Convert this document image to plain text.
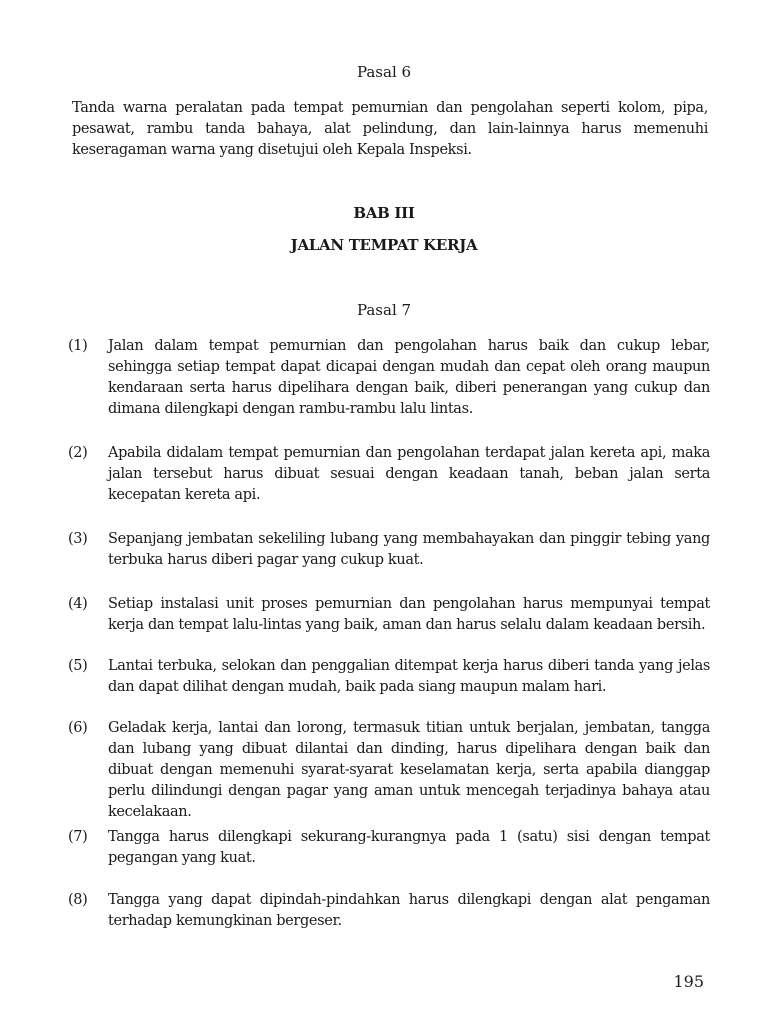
Pasal 6
Tanda warna peralatan pada tempat pemurnian dan pengolahan seperti kolom, pipa, pesawat, rambu tanda bahaya, alat pelindung, dan lain-lainnya harus memenuhi keseragaman warna yang disetujui oleh Kepala Inspeksi.
BAB III
JALAN TEMPAT KERJA
Pasal 7
(1)	Jalan dalam tempat pemurnian dan pengolahan harus baik dan cukup lebar, sehingga setiap tempat dapat dicapai dengan mudah dan cepat oleh orang maupun kendaraan serta harus dipelihara dengan baik, diberi penerangan yang cukup dan dimana dilengkapi dengan rambu-rambu lalu lintas.
(2)	Apabila didalam tempat pemurnian dan pengolahan terdapat jalan kereta api, maka jalan tersebut harus dibuat sesuai dengan keadaan tanah, beban jalan serta kecepatan kereta api.
(3)	Sepanjang jembatan sekeliling lubang yang membahayakan dan pinggir tebing yang terbuka harus diberi pagar yang cukup kuat.
(4)	Setiap instalasi unit proses pemurnian dan pengolahan harus mempunyai tempat kerja dan tempat lalu-lintas yang baik, aman dan harus selalu dalam keadaan bersih.
(5)	Lantai terbuka, selokan dan penggalian ditempat kerja harus diberi tanda yang jelas dan dapat dilihat dengan mudah, baik pada siang maupun malam hari.
(6)	Geladak kerja, lantai dan lorong, termasuk titian untuk berjalan, jembatan, tangga dan lubang yang dibuat dilantai dan dinding, harus dipelihara dengan baik dan dibuat dengan memenuhi syarat-syarat keselamatan kerja, serta apabila dianggap perlu dilindungi dengan pagar yang aman untuk mencegah terjadinya bahaya atau kecelakaan.
(7)	Tangga harus dilengkapi sekurang-kurangnya pada 1 (satu) sisi dengan tempat pegangan yang kuat.
(8)	Tangga yang dapat dipindah-pindahkan harus dilengkapi dengan alat pengaman terhadap kemungkinan bergeser.
195
